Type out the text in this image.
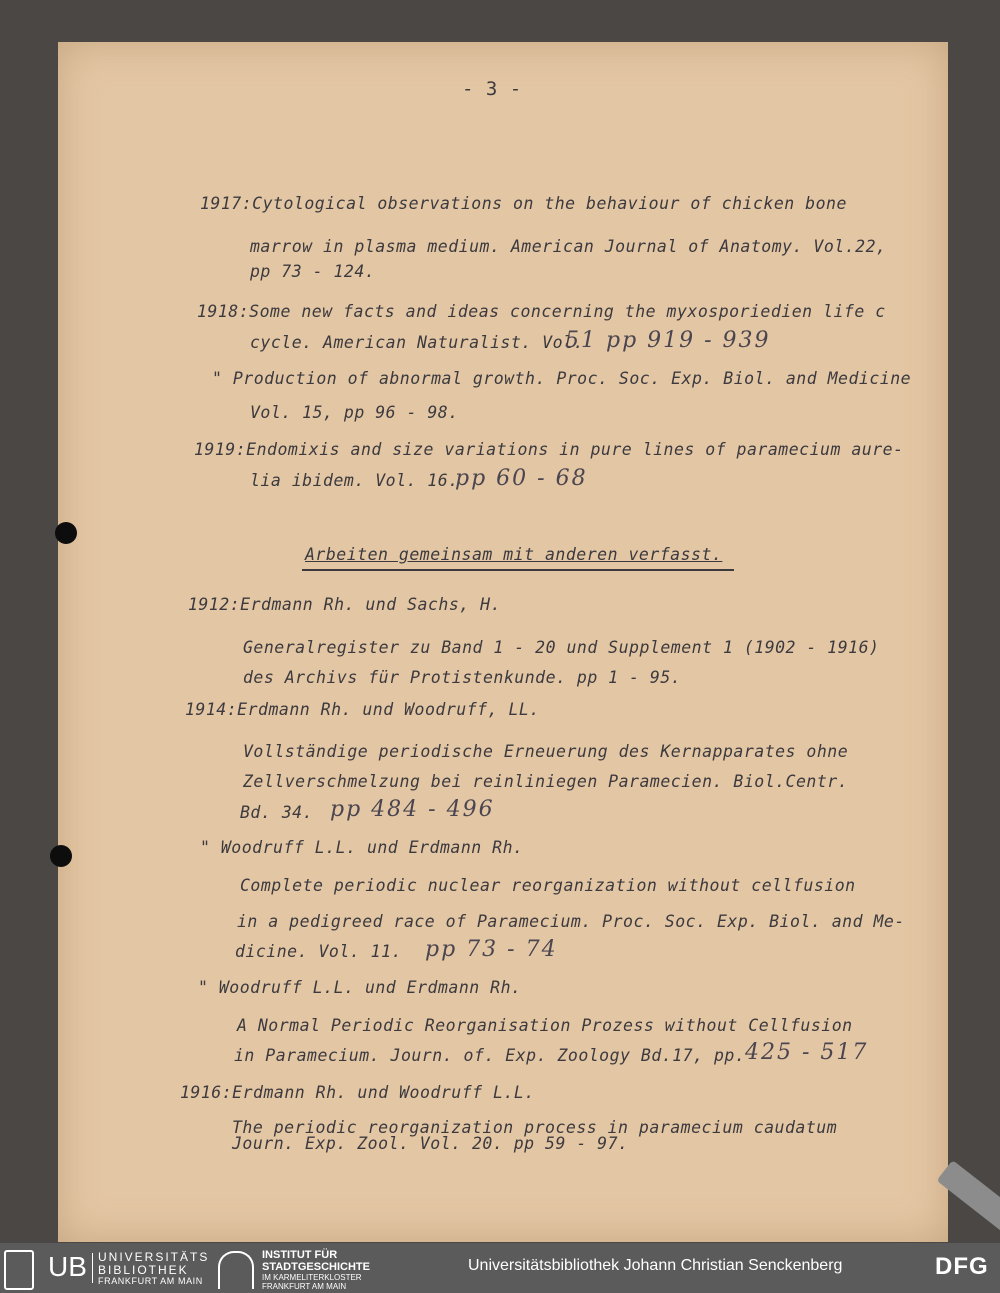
- 3 -
1917:Cytological observations on the behaviour of chicken bone
marrow in plasma medium. American Journal of Anatomy. Vol.22,
pp 73 - 124.
1918:Some new facts and ideas concerning the myxosporiedien life c
cycle. American Naturalist. Vol.
" Production of abnormal growth. Proc. Soc. Exp. Biol. and Medicine
Vol. 15, pp 96 - 98.
1919:Endomixis and size variations in pure lines of paramecium aure-
lia ibidem. Vol. 16.
1912:Erdmann Rh. und Sachs, H.
Generalregister zu Band 1 - 20 und Supplement 1 (1902 - 1916)
des Archivs für Protistenkunde. pp 1 - 95.
1914:Erdmann Rh. und Woodruff, LL.
Vollständige periodische Erneuerung des Kernapparates ohne
Zellverschmelzung bei reinliniegen Paramecien. Biol.Centr.
Bd. 34.
" Woodruff L.L. und Erdmann Rh.
Complete periodic nuclear reorganization without cellfusion
in a pedigreed race of Paramecium. Proc. Soc. Exp. Biol. and Me-
dicine. Vol. 11.
" Woodruff L.L. und Erdmann Rh.
A Normal Periodic Reorganisation Prozess without Cellfusion
in Paramecium. Journ. of. Exp. Zoology Bd.17, pp.
1916:Erdmann Rh. und Woodruff L.L.
The periodic reorganization process in paramecium caudatum
Journ. Exp. Zool. Vol. 20. pp 59 - 97.
Arbeiten gemeinsam mit anderen verfasst.
51 pp 919 - 939
pp 60 - 68
pp 484 - 496
pp 73 - 74
425 - 517
UB UNIVERSITÄTS
BIBLIOTHEK
FRANKFURT AM MAIN
INSTITUT FÜR
STADTGESCHICHTE
IM KARMELITERKLOSTER
FRANKFURT AM MAIN
Universitätsbibliothek Johann Christian Senckenberg	DFG
